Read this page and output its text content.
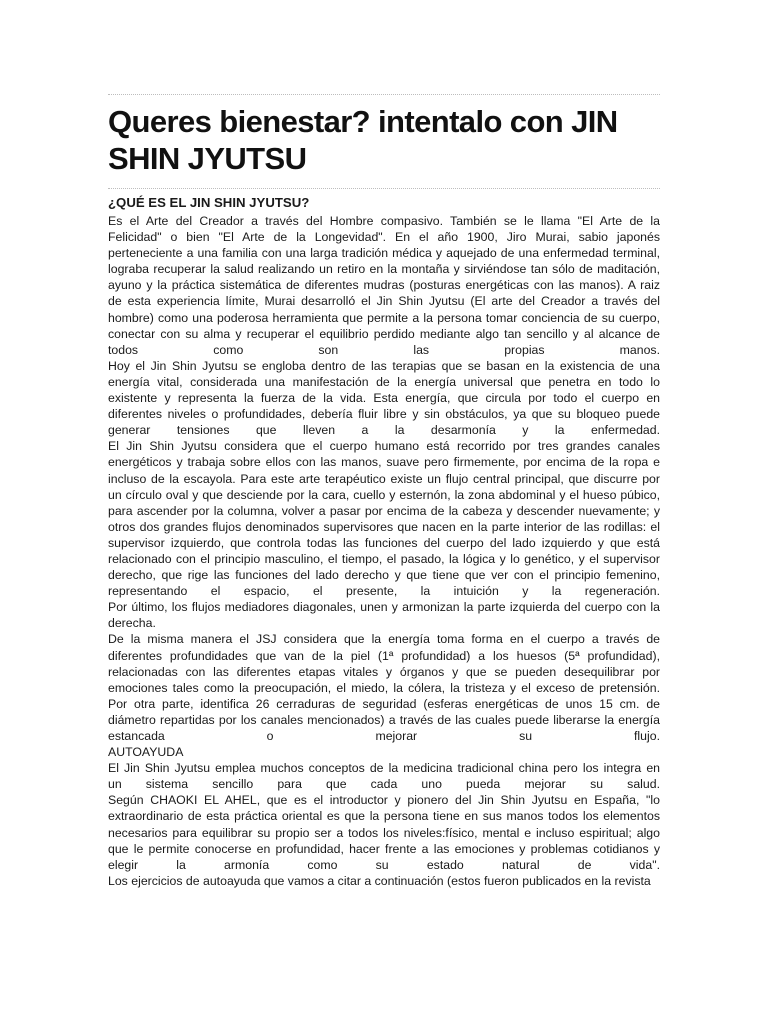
Queres bienestar? intentalo con JIN SHIN JYUTSU
¿QUÉ ES EL JIN SHIN JYUTSU?
Es el Arte del Creador a través del Hombre compasivo. También se le llama "El Arte de la
Felicidad" o bien "El Arte de la Longevidad". En el año 1900, Jiro Murai, sabio japonés
perteneciente a una familia con una larga tradición médica y aquejado de una enfermedad terminal,
lograba recuperar la salud realizando un retiro en la montaña y sirviéndose tan sólo de maditación,
ayuno y la práctica sistemática de diferentes mudras (posturas energéticas con las manos). A raiz
de esta experiencia límite, Murai desarrolló el Jin Shin Jyutsu (El arte del Creador a través del
hombre) como una poderosa herramienta que permite a la persona tomar conciencia de su cuerpo,
conectar con su alma y recuperar el equilibrio perdido mediante algo tan sencillo y al alcance de
todos como son las propias manos.
Hoy el Jin Shin Jyutsu se engloba dentro de las terapias que se basan en la existencia de una
energía vital, considerada una manifestación de la energía universal que penetra en todo lo
existente y representa la fuerza de la vida. Esta energía, que circula por todo el cuerpo en
diferentes niveles o profundidades, debería fluir libre y sin obstáculos, ya que su bloqueo puede
generar tensiones que lleven a la desarmonía y la enfermedad.
El Jin Shin Jyutsu considera que el cuerpo humano está recorrido por tres grandes canales
energéticos y trabaja sobre ellos con las manos, suave pero firmemente, por encima de la ropa e
incluso de la escayola. Para este arte terapéutico existe un flujo central principal, que discurre por
un círculo oval y que desciende por la cara, cuello y esternón, la zona abdominal y el hueso púbico,
para ascender por la columna, volver a pasar por encima de la cabeza y descender nuevamente; y
otros dos grandes flujos denominados supervisores que nacen en la parte interior de las rodillas: el
supervisor izquierdo, que controla todas las funciones del cuerpo del lado izquierdo y que está
relacionado con el principio masculino, el tiempo, el pasado, la lógica y lo genético, y el supervisor
derecho, que rige las funciones del lado derecho y que tiene que ver con el principio femenino,
representando el espacio, el presente, la intuición y la regeneración.
Por último, los flujos mediadores diagonales, unen y armonizan la parte izquierda del cuerpo con la
derecha.
De la misma manera el JSJ considera que la energía toma forma en el cuerpo a través de
diferentes profundidades que van de la piel (1ª profundidad) a los huesos (5ª profundidad),
relacionadas con las diferentes etapas vitales y órganos y que se pueden desequilibrar por
emociones tales como la preocupación, el miedo, la cólera, la tristeza y el exceso de pretensión.
Por otra parte, identifica 26 cerraduras de seguridad (esferas energéticas de unos 15 cm. de
diámetro repartidas por los canales mencionados) a través de las cuales puede liberarse la energía
estancada o mejorar su flujo.
AUTOAYUDA
El Jin Shin Jyutsu emplea muchos conceptos de la medicina tradicional china pero los integra en
un sistema sencillo para que cada uno pueda mejorar su salud.
Según CHAOKI EL AHEL, que es el introductor y pionero del Jin Shin Jyutsu en España, "lo
extraordinario de esta práctica oriental es que la persona tiene en sus manos todos los elementos
necesarios para equilibrar su propio ser a todos los niveles:físico, mental e incluso espiritual; algo
que le permite conocerse en profundidad, hacer frente a las emociones y problemas cotidianos y
elegir la armonía como su estado natural de vida".
Los ejercicios de autoayuda que vamos a citar a continuación (estos fueron publicados en la revista
